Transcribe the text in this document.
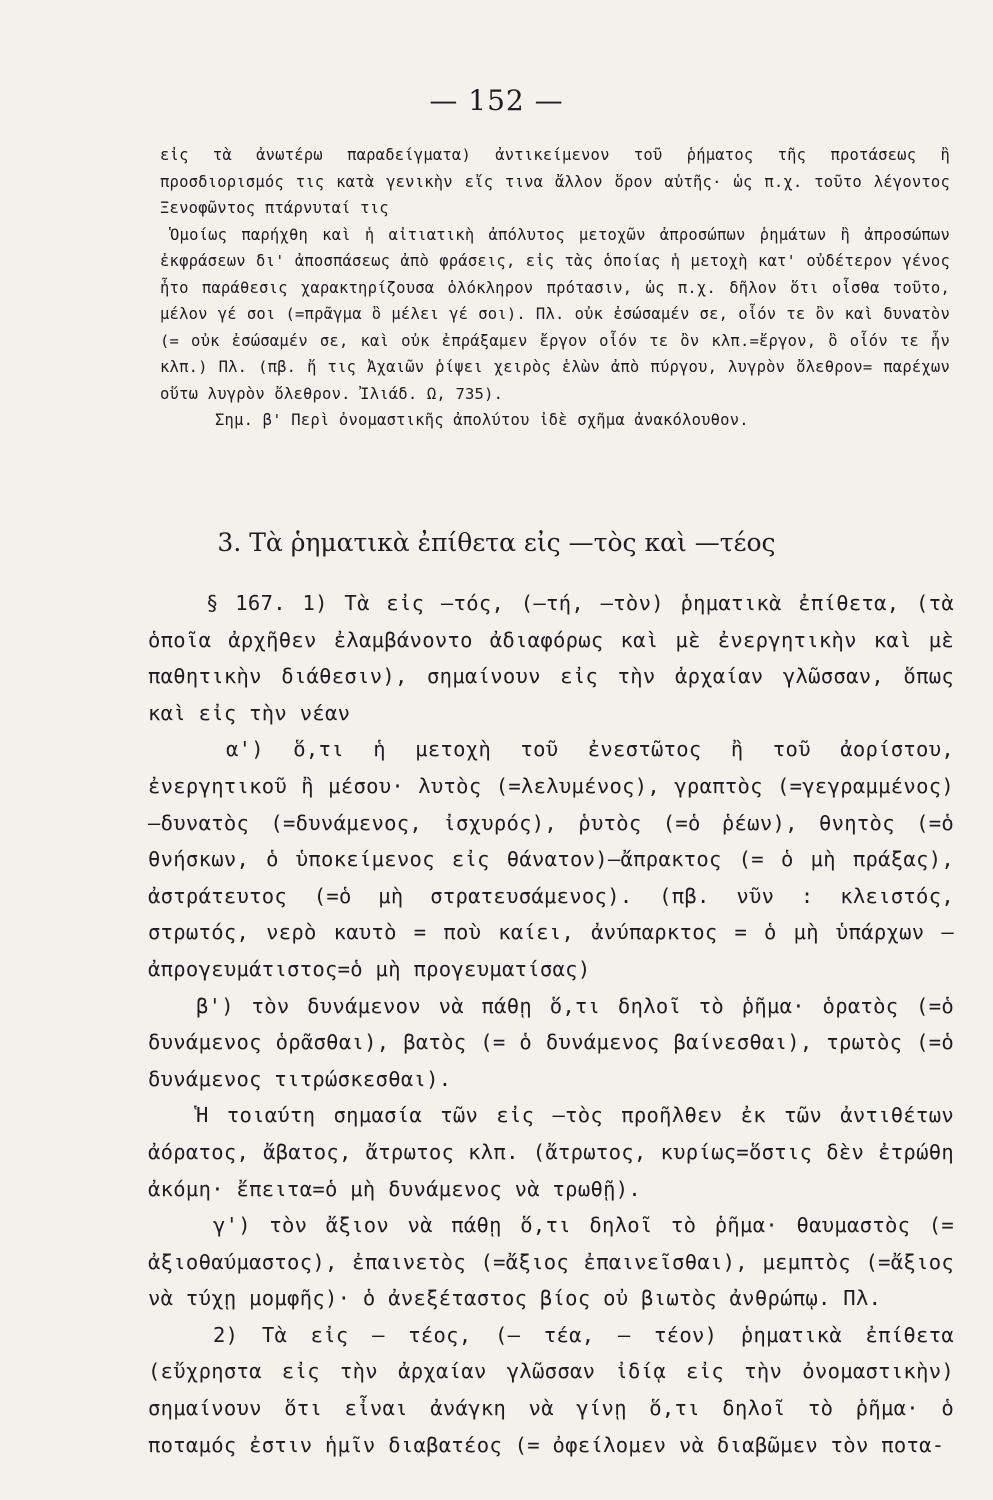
— 152 —

εἰς τὰ ἀνωτέρω παραδείγματα) ἀντικείμενον τοῦ ῥήματος τῆς προτάσεως ἢ προσδιορισμός τις κατὰ γενικὴν εἴς τινα ἄλλον ὅρον αὐτῆς· ὡς π.χ. τοῦτο λέγοντος Ξενοφῶντος πτάρνυταί τις

Ὁμοίως παρήχθη καὶ ἡ αἰτιατικὴ ἀπόλυτος μετοχῶν ἀπροσώπων ῥημάτων ἢ ἀπροσώπων ἐκφράσεων δι' ἀποσπάσεως ἀπὸ φράσεις, εἰς τὰς ὁποίας ἡ μετοχὴ κατ' οὐδέτερον γένος ἦτο παράθεσις χαρακτηρίζουσα ὁλόκληρον πρότασιν, ὡς π.χ. δῆλον ὅτι οἶσθα τοῦτο, μέλον γέ σοι (=πρᾶγμα ὃ μέλει γέ σοι). Πλ. οὐκ ἐσώσαμέν σε, οἷόν τε ὂν καὶ δυνατὸν (= οὐκ ἐσώσαμέν σε, καὶ οὐκ ἐπράξαμεν ἔργον οἷόν τε ὂν κλπ.=ἔργον, ὃ οἷόν τε ἦν κλπ.) Πλ. (πβ. ἤ τις Ἀχαιῶν ῥίψει χειρὸς ἑλὼν ἀπὸ πύργου, λυγρὸν ὄλεθρον= παρέχων οὕτω λυγρὸν ὄλεθρον. Ἰλιάδ. Ω, 735).

Σημ. β' Περὶ ὀνομαστικῆς ἀπολύτου ἰδὲ σχῆμα ἀνακόλουθον.

3. Τὰ ῥηματικὰ ἐπίθετα εἰς —τὸς καὶ —τέος

§ 167. 1) Τὰ εἰς —τός, (—τή, —τὸν) ῥηματικὰ ἐπίθετα, (τὰ ὁποῖα ἀρχῆθεν ἐλαμβάνοντο ἀδιαφόρως καὶ μὲ ἐνεργητικὴν καὶ μὲ παθητικὴν διάθεσιν), σημαίνουν εἰς τὴν ἀρχαίαν γλῶσσαν, ὅπως καὶ εἰς τὴν νέαν

α') ὅ,τι ἡ μετοχὴ τοῦ ἐνεστῶτος ἢ τοῦ ἀορίστου, ἐνεργητικοῦ ἢ μέσου· λυτὸς (=λελυμένος), γραπτὸς (=γεγραμμένος)—δυνατὸς (=δυνάμενος, ἰσχυρός), ῥυτὸς (=ὁ ῥέων), θνητὸς (=ὁ θνήσκων, ὁ ὑποκείμενος εἰς θάνατον)—ἄπρακτος (= ὁ μὴ πράξας), ἀστράτευτος (=ὁ μὴ στρατευσάμενος). (πβ. νῦν : κλειστός, στρωτός, νερὸ καυτὸ = ποὺ καίει, ἀνύπαρκτος = ὁ μὴ ὑπάρχων — ἀπρογευμάτιστος=ὁ μὴ προγευματίσας)

β') τὸν δυνάμενον νὰ πάθῃ ὅ,τι δηλοῖ τὸ ῥῆμα· ὁρατὸς (=ὁ δυνάμενος ὁρᾶσθαι), βατὸς (= ὁ δυνάμενος βαίνεσθαι), τρωτὸς (=ὁ δυνάμενος τιτρώσκεσθαι).

Ἡ τοιαύτη σημασία τῶν εἰς —τὸς προῆλθεν ἐκ τῶν ἀντιθέτων ἀόρατος, ἄβατος, ἄτρωτος κλπ. (ἄτρωτος, κυρίως=ὅστις δὲν ἐτρώθη ἀκόμη· ἔπειτα=ὁ μὴ δυνάμενος νὰ τρωθῇ).

γ') τὸν ἄξιον νὰ πάθῃ ὅ,τι δηλοῖ τὸ ῥῆμα· θαυμαστὸς (= ἀξιοθαύμαστος), ἐπαινετὸς (=ἄξιος ἐπαινεῖσθαι), μεμπτὸς (=ἄξιος νὰ τύχῃ μομφῆς)· ὁ ἀνεξέταστος βίος οὐ βιωτὸς ἀνθρώπῳ. Πλ.

2) Τὰ εἰς — τέος, (— τέα, — τέον) ῥηματικὰ ἐπίθετα (εὔχρηστα εἰς τὴν ἀρχαίαν γλῶσσαν ἰδίᾳ εἰς τὴν ὀνομαστικὴν) σημαίνουν ὅτι εἶναι ἀνάγκη νὰ γίνῃ ὅ,τι δηλοῖ τὸ ῥῆμα· ὁ ποταμός ἐστιν ἡμῖν διαβατέος (= ὀφείλομεν νὰ διαβῶμεν τὸν ποτα-
